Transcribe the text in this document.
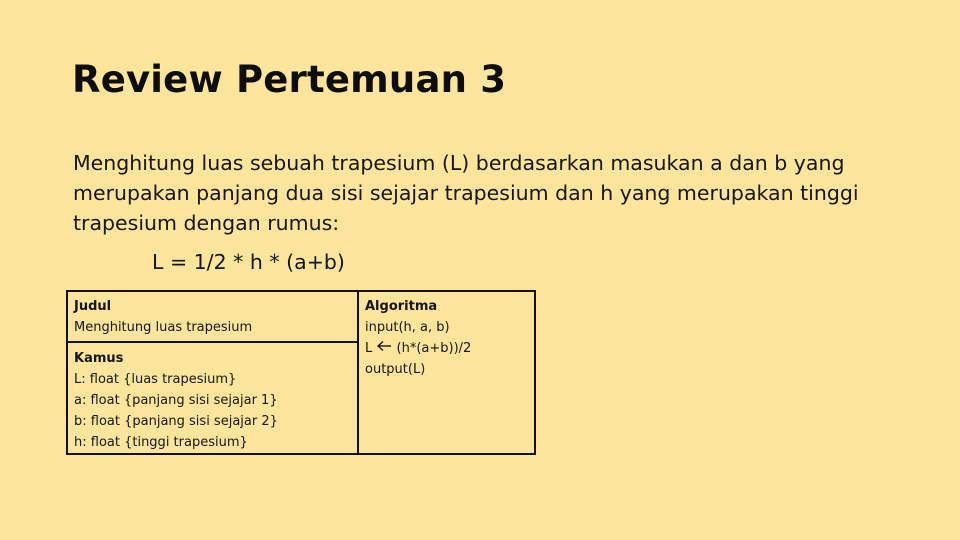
Review Pertemuan 3

Menghitung luas sebuah trapesium (L) berdasarkan masukan a dan b yang merupakan panjang dua sisi sejajar trapesium dan h yang merupakan tinggi trapesium dengan rumus:

L = 1/2 * h * (a+b)

Judul
Menghitung luas trapesium
Kamus
L: float {luas trapesium}
a: float {panjang sisi sejajar 1}
b: float {panjang sisi sejajar 2}
h: float {tinggi trapesium}
Algoritma
input(h, a, b)
L (h*(a+b))/2
output(L)
